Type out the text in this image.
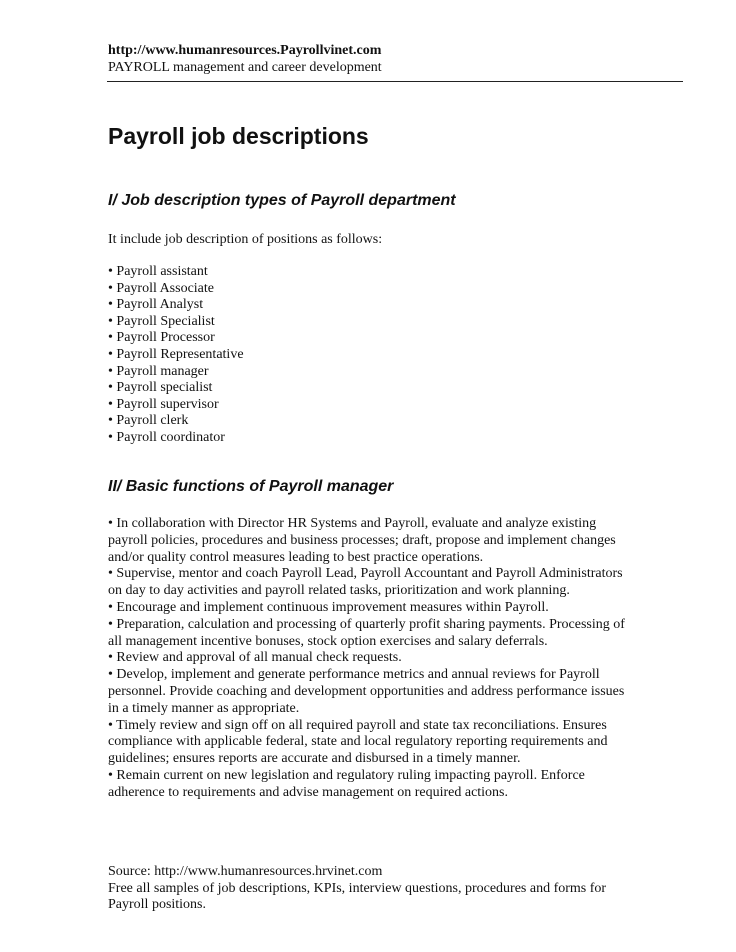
http://www.humanresources.Payrollvinet.com
PAYROLL management and career development
Payroll job descriptions
I/ Job description types of Payroll department
It include job description of positions as follows:
• Payroll assistant
• Payroll Associate
• Payroll Analyst
• Payroll Specialist
• Payroll Processor
• Payroll Representative
• Payroll manager
• Payroll specialist
• Payroll supervisor
• Payroll clerk
• Payroll coordinator
II/ Basic functions of Payroll manager
• In collaboration with Director HR Systems and Payroll, evaluate and analyze existing payroll policies, procedures and business processes; draft, propose and implement changes and/or quality control measures leading to best practice operations.
• Supervise, mentor and coach Payroll Lead, Payroll Accountant and Payroll Administrators on day to day activities and payroll related tasks, prioritization and work planning.
• Encourage and implement continuous improvement measures within Payroll.
• Preparation, calculation and processing of quarterly profit sharing payments. Processing of all management incentive bonuses, stock option exercises and salary deferrals.
• Review and approval of all manual check requests.
• Develop, implement and generate performance metrics and annual reviews for Payroll personnel. Provide coaching and development opportunities and address performance issues in a timely manner as appropriate.
• Timely review and sign off on all required payroll and state tax reconciliations. Ensures compliance with applicable federal, state and local regulatory reporting requirements and guidelines; ensures reports are accurate and disbursed in a timely manner.
• Remain current on new legislation and regulatory ruling impacting payroll. Enforce adherence to requirements and advise management on required actions.
Source: http://www.humanresources.hrvinet.com
Free all samples of job descriptions, KPIs, interview questions, procedures and forms for Payroll positions.
